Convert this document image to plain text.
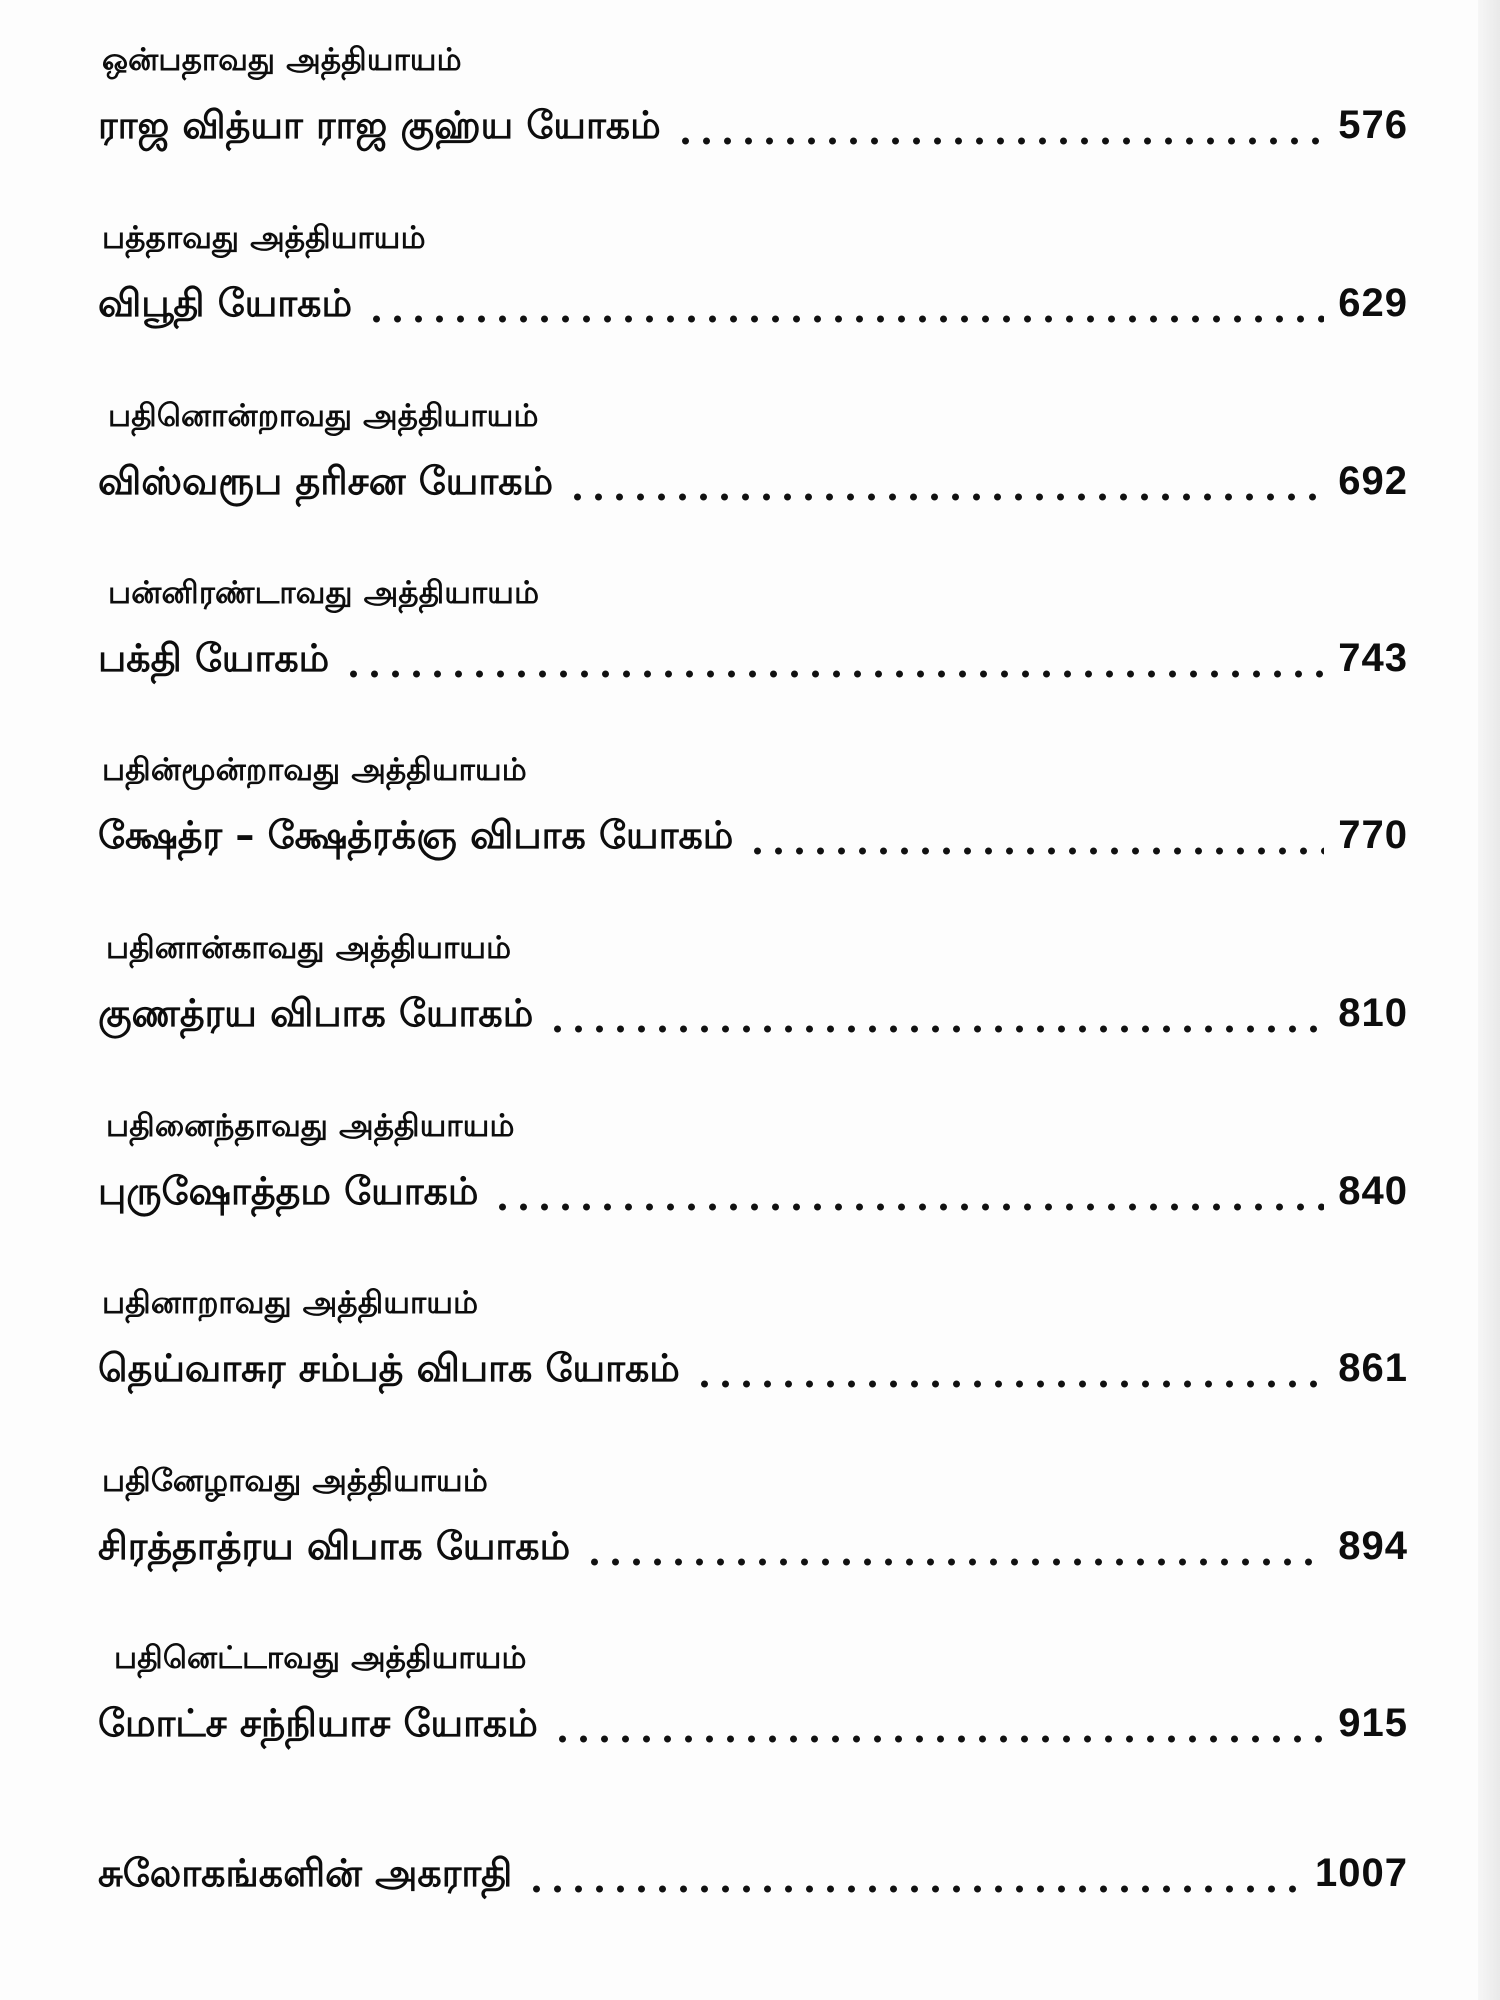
ஒன்பதாவது அத்தியாயம்
ராஜ வித்யா ராஜ குஹ்ய யோகம்	576
பத்தாவது அத்தியாயம்
விபூதி யோகம்	629
பதினொன்றாவது அத்தியாயம்
விஸ்வரூப தரிசன யோகம்	692
பன்னிரண்டாவது அத்தியாயம்
பக்தி யோகம்	743
பதின்மூன்றாவது அத்தியாயம்
க்ஷேத்ர – க்ஷேத்ரக்ஞ விபாக யோகம்	770
பதினான்காவது அத்தியாயம்
குணத்ரய விபாக யோகம்	810
பதினைந்தாவது அத்தியாயம்
புருஷோத்தம யோகம்	840
பதினாறாவது அத்தியாயம்
தெய்வாசுர சம்பத் விபாக யோகம்	861
பதினேழாவது அத்தியாயம்
சிரத்தாத்ரய விபாக யோகம்	894
பதினெட்டாவது அத்தியாயம்
மோட்ச சந்நியாச யோகம்	915
சுலோகங்களின் அகராதி	1007
